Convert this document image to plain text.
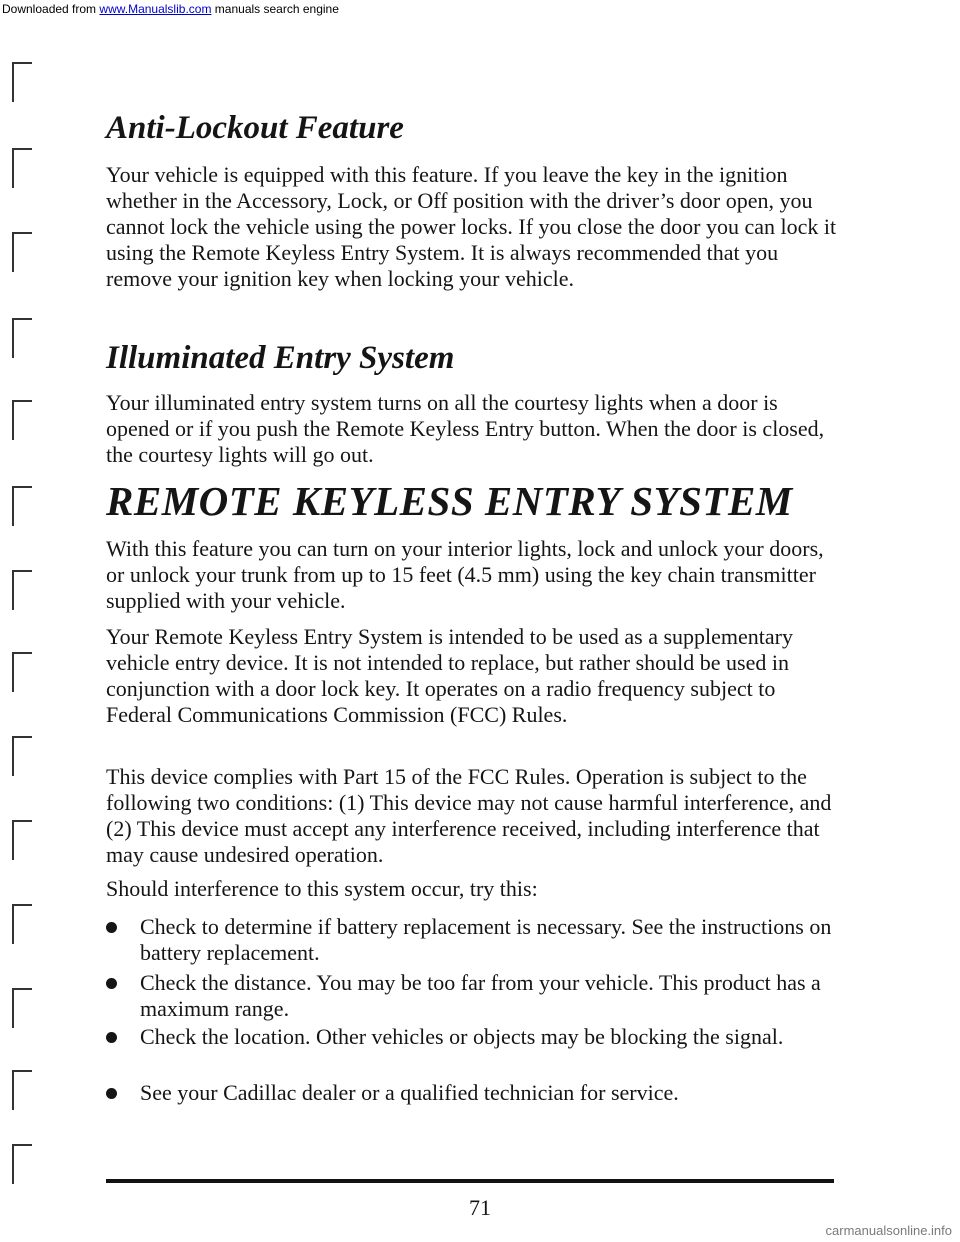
Downloaded from www.Manualslib.com manuals search engine
Anti-Lockout Feature

Your vehicle is equipped with this feature. If you leave the key in the ignition whether in the Accessory, Lock, or Off position with the driver’s door open, you cannot lock the vehicle using the power locks. If you close the door you can lock it using the Remote Keyless Entry System. It is always recommended that you remove your ignition key when locking your vehicle.

Illuminated Entry System

Your illuminated entry system turns on all the courtesy lights when a door is opened or if you push the Remote Keyless Entry button. When the door is closed, the courtesy lights will go out.

REMOTE KEYLESS ENTRY SYSTEM

With this feature you can turn on your interior lights, lock and unlock your doors, or unlock your trunk from up to 15 feet (4.5 mm) using the key chain transmitter supplied with your vehicle.

Your Remote Keyless Entry System is intended to be used as a supplementary vehicle entry device. It is not intended to replace, but rather should be used in conjunction with a door lock key. It operates on a radio frequency subject to Federal Communications Commission (FCC) Rules.

This device complies with Part 15 of the FCC Rules. Operation is subject to the following two conditions: (1) This device may not cause harmful interference, and (2) This device must accept any interference received, including interference that may cause undesired operation.

Should interference to this system occur, try this:

Check to determine if battery replacement is necessary. See the instructions on battery replacement.
Check the distance. You may be too far from your vehicle. This product has a maximum range.
Check the location. Other vehicles or objects may be blocking the signal.
See your Cadillac dealer or a qualified technician for service.
71
carmanualsonline.info
